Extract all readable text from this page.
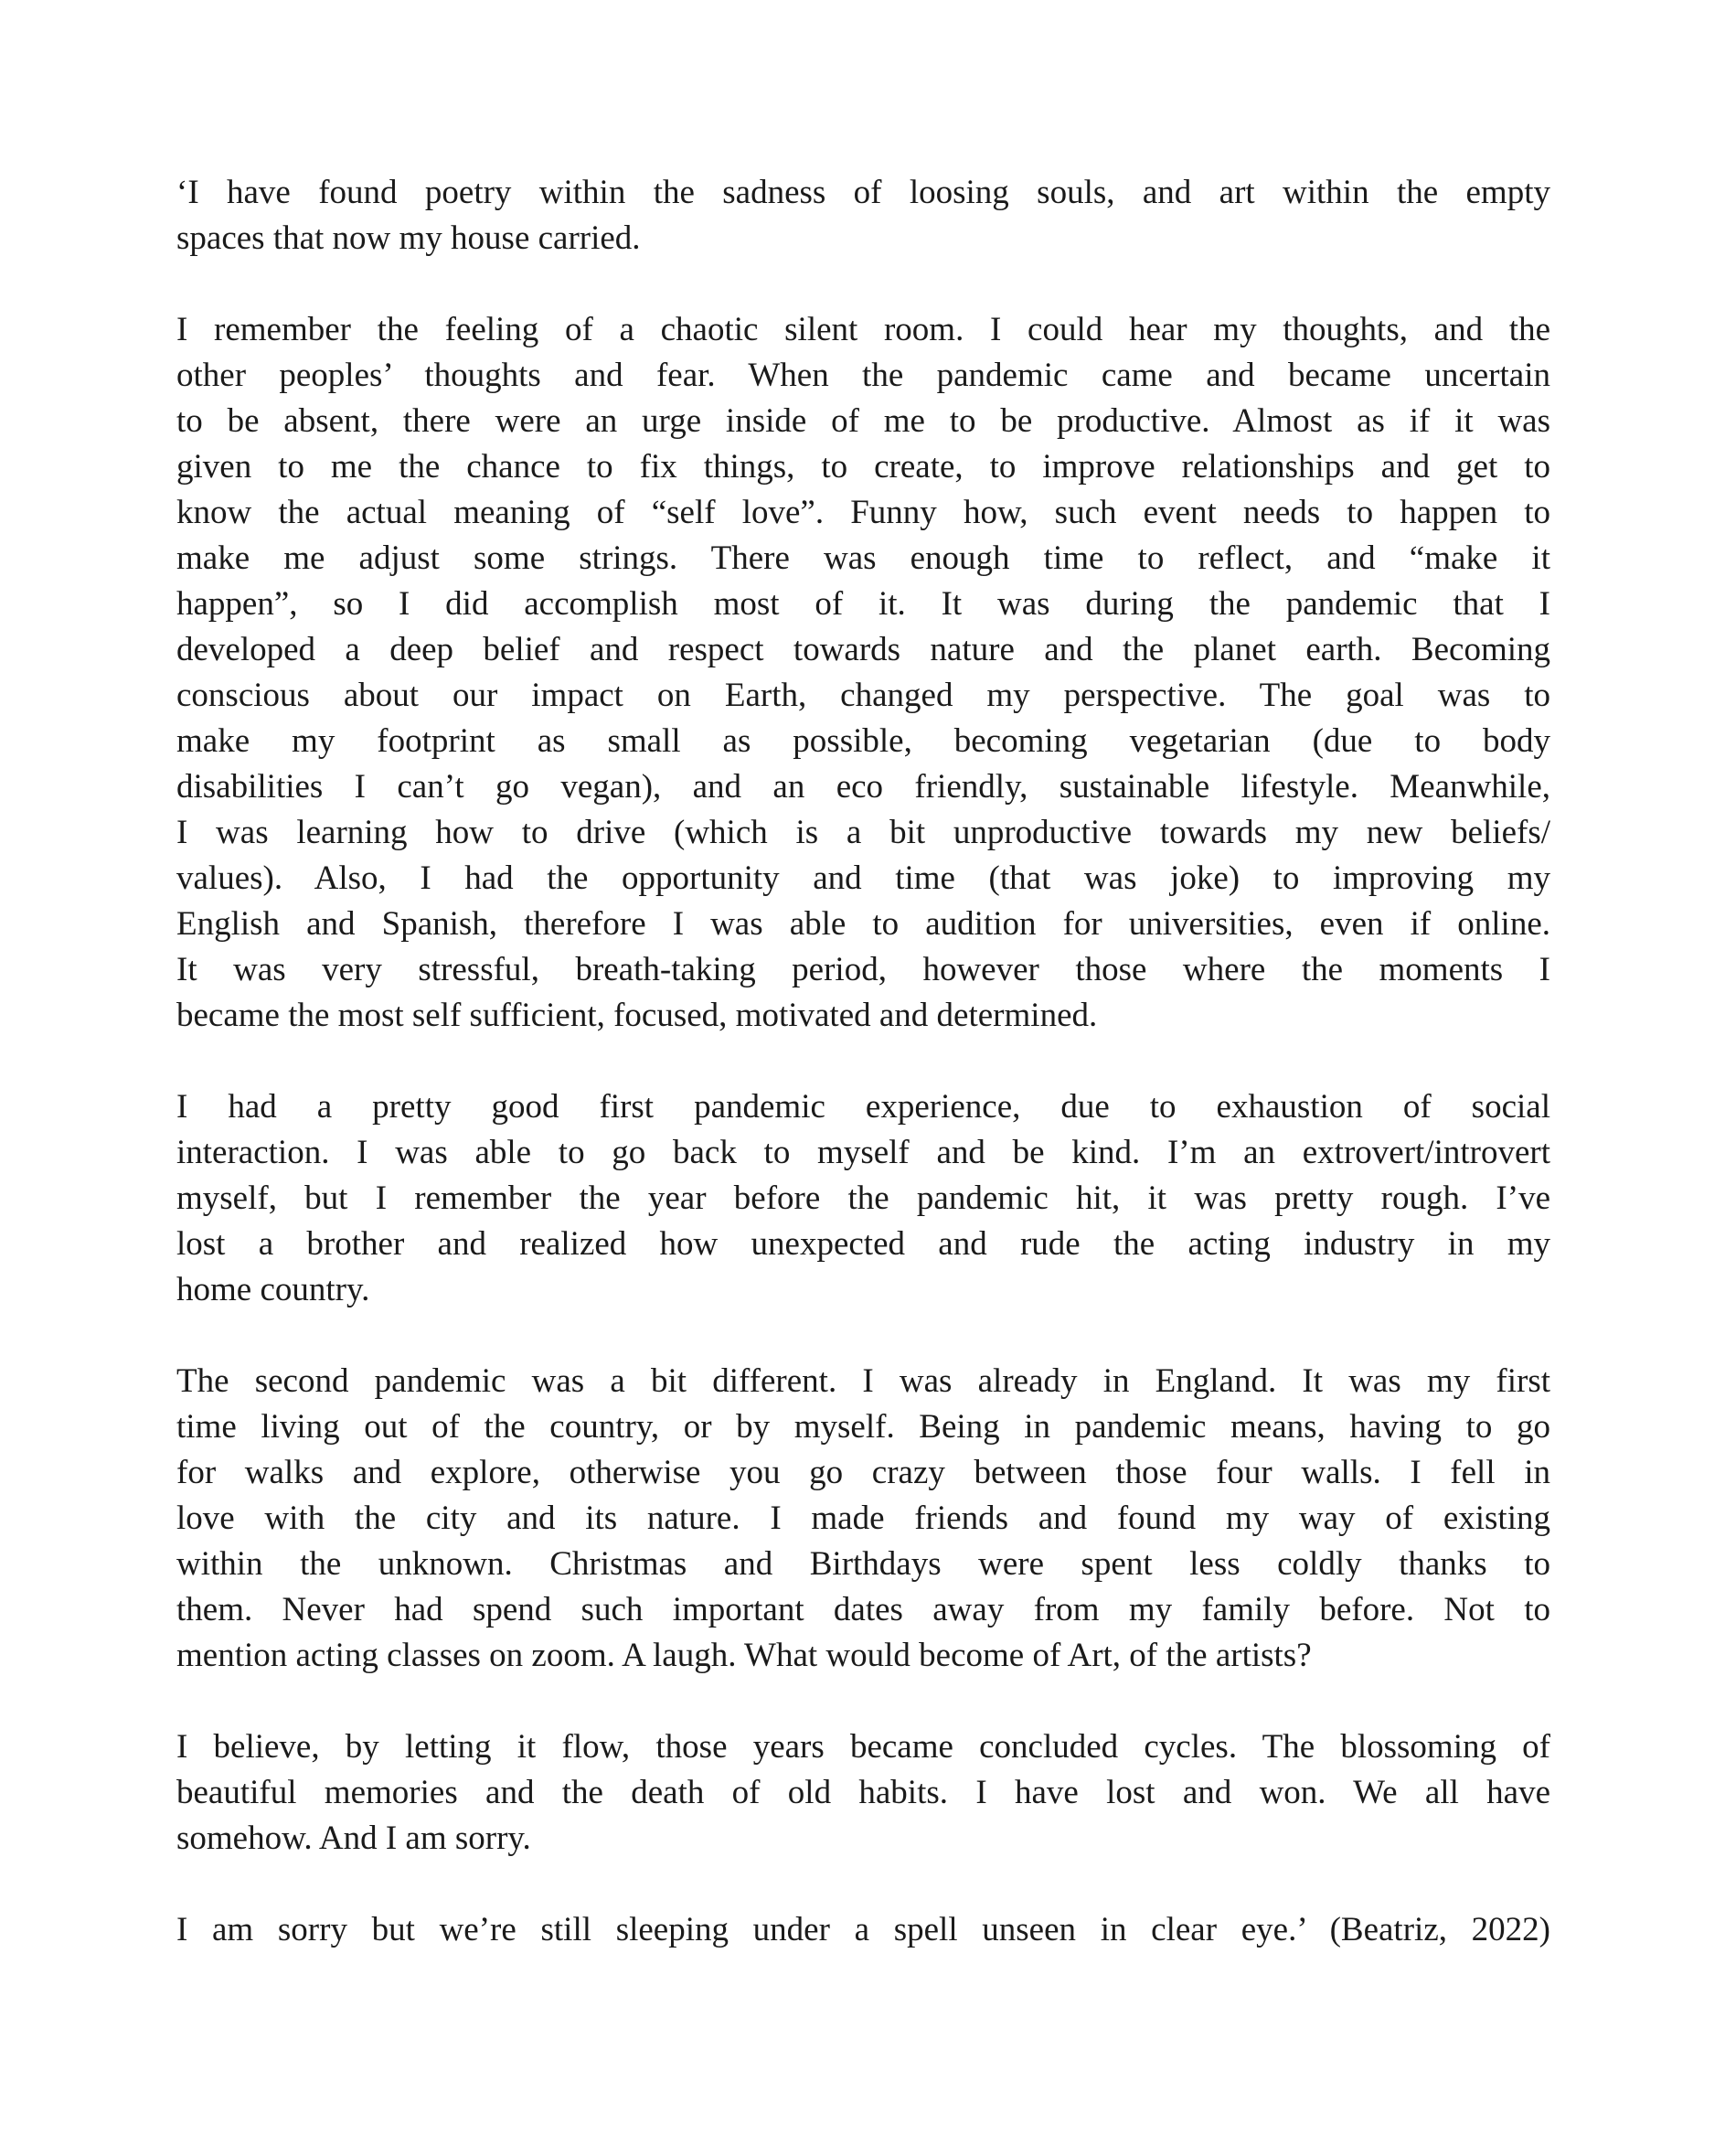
‘I have found poetry within the sadness of loosing souls, and art within the empty
spaces that now my house carried.
I remember the feeling of a chaotic silent room. I could hear my thoughts, and the
other peoples’ thoughts and fear. When the pandemic came and became uncertain
to be absent, there were an urge inside of me to be productive. Almost as if it was
given to me the chance to fix things, to create, to improve relationships and get to
know the actual meaning of “self love”. Funny how, such event needs to happen to
make me adjust some strings. There was enough time to reflect, and “make it
happen”, so I did accomplish most of it. It was during the pandemic that I
developed a deep belief and respect towards nature and the planet earth. Becoming
conscious about our impact on Earth, changed my perspective. The goal was to
make my footprint as small as possible, becoming vegetarian (due to body
disabilities I can’t go vegan), and an eco friendly, sustainable lifestyle. Meanwhile,
I was learning how to drive (which is a bit unproductive towards my new beliefs/
values). Also, I had the opportunity and time (that was joke) to improving my
English and Spanish, therefore I was able to audition for universities, even if online.
It was very stressful, breath-taking period, however those where the moments I
became the most self sufficient, focused, motivated and determined.
I had a pretty good first pandemic experience, due to exhaustion of social
interaction. I was able to go back to myself and be kind. I’m an extrovert/introvert
myself, but I remember the year before the pandemic hit, it was pretty rough. I’ve
lost a brother and realized how unexpected and rude the acting industry in my
home country.
The second pandemic was a bit different. I was already in England. It was my first
time living out of the country, or by myself. Being in pandemic means, having to go
for walks and explore, otherwise you go crazy between those four walls. I fell in
love with the city and its nature. I made friends and found my way of existing
within the unknown. Christmas and Birthdays were spent less coldly thanks to
them. Never had spend such important dates away from my family before. Not to
mention acting classes on zoom. A laugh. What would become of Art, of the artists?
I believe, by letting it flow, those years became concluded cycles. The blossoming of
beautiful memories and the death of old habits. I have lost and won. We all have
somehow. And I am sorry.
I am sorry but we’re still sleeping under a spell unseen in clear eye.’ (Beatriz, 2022)
